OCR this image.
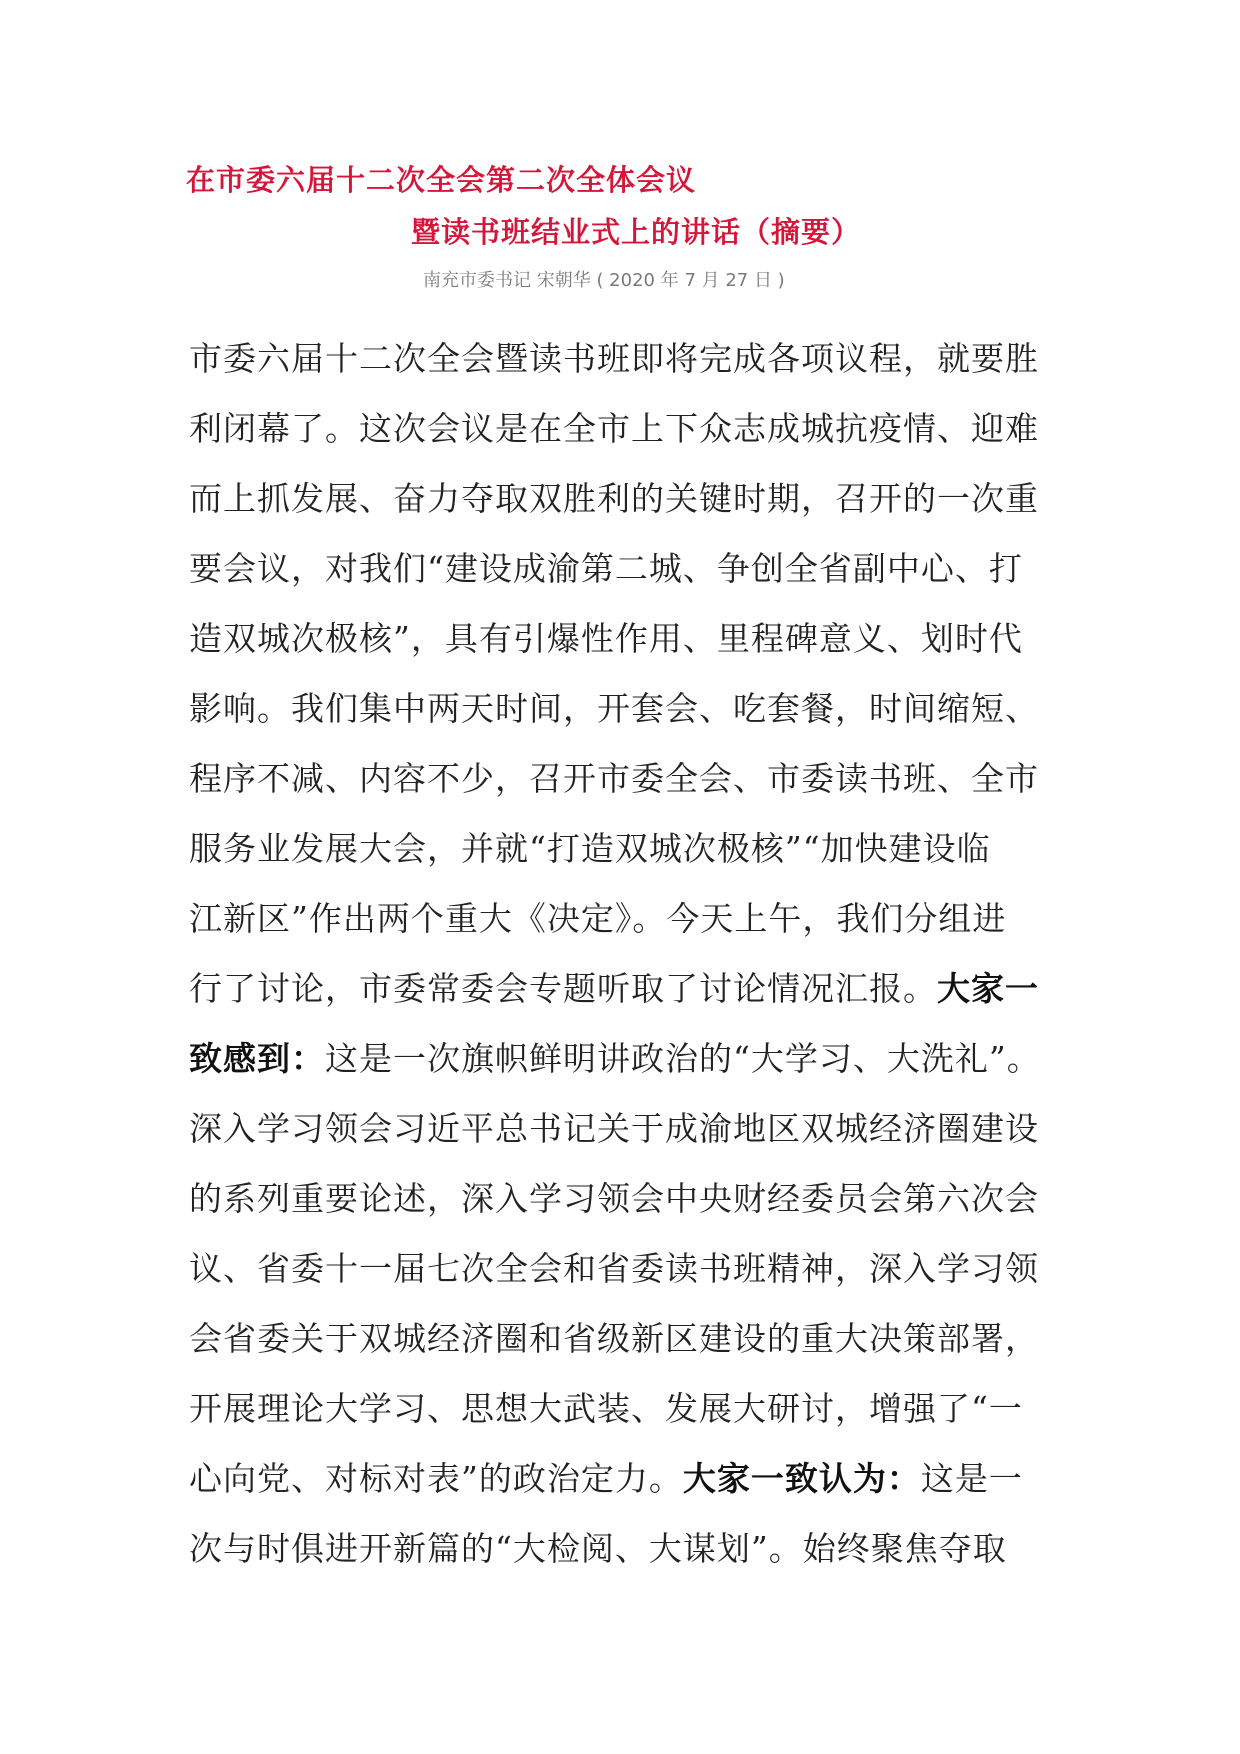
在市委六届十二次全会第二次全体会议
暨读书班结业式上的讲话（摘要）
南充市委书记 宋朝华 ( 2020 年 7 月 27 日 )
市委六届十二次全会暨读书班即将完成各项议程，就要胜
利闭幕了。这次会议是在全市上下众志成城抗疫情、迎难
而上抓发展、奋力夺取双胜利的关键时期，召开的一次重
要会议，对我们“建设成渝第二城、争创全省副中心、打
造双城次极核”，具有引爆性作用、里程碑意义、划时代
影响。我们集中两天时间，开套会、吃套餐，时间缩短、
程序不减、内容不少，召开市委全会、市委读书班、全市
服务业发展大会，并就“打造双城次极核”“加快建设临
江新区”作出两个重大《决定》。今天上午，我们分组进
行了讨论，市委常委会专题听取了讨论情况汇报。大家一
致感到：这是一次旗帜鲜明讲政治的“大学习、大洗礼”。
深入学习领会习近平总书记关于成渝地区双城经济圈建设
的系列重要论述，深入学习领会中央财经委员会第六次会
议、省委十一届七次全会和省委读书班精神，深入学习领
会省委关于双城经济圈和省级新区建设的重大决策部署，
开展理论大学习、思想大武装、发展大研讨，增强了“一
心向党、对标对表”的政治定力。大家一致认为：这是一
次与时俱进开新篇的“大检阅、大谋划”。始终聚焦夺取
